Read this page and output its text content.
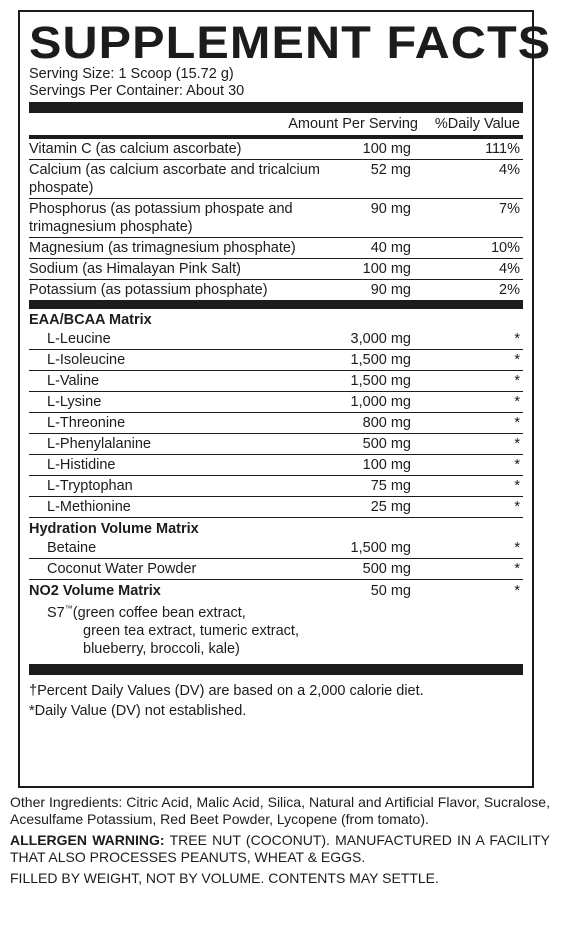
SUPPLEMENT FACTS
Serving Size: 1 Scoop (15.72 g)
Servings Per Container: About 30
Amount Per Serving %Daily Value
Vitamin C (as calcium ascorbate)	100 mg	111%
Calcium (as calcium ascorbate and tricalcium phospate)
52 mg	4%
Phosphorus (as potassium phospate and trimagnesium phosphate)
90 mg	7%
Magnesium (as trimagnesium phosphate)	40 mg	10%
Sodium (as Himalayan Pink Salt)	100 mg	4%
Potassium (as potassium phosphate)	90 mg	2%
EAA/BCAA Matrix
L-Leucine	3,000 mg	*
L-Isoleucine	1,500 mg	*
L-Valine	1,500 mg	*
L-Lysine	1,000 mg	*
L-Threonine	800 mg	*
L-Phenylalanine	500 mg	*
L-Histidine	100 mg	*
L-Tryptophan	75 mg	*
L-Methionine	25 mg	*
Hydration Volume Matrix
Betaine	1,500 mg	*
Coconut Water Powder	500 mg	*
NO2 Volume Matrix	50 mg	*
S7™(green coffee bean extract,
green tea extract, tumeric extract,
blueberry, broccoli, kale)
†Percent Daily Values (DV) are based on a 2,000 calorie diet.
*Daily Value (DV) not established.

Other Ingredients: Citric Acid, Malic Acid, Silica, Natural and Artificial Flavor, Sucralose, Acesulfame Potassium, Red Beet Powder, Lycopene (from tomato).

ALLERGEN WARNING: TREE NUT (COCONUT). MANUFACTURED IN A FACILITY THAT ALSO PROCESSES PEANUTS, WHEAT & EGGS.

FILLED BY WEIGHT, NOT BY VOLUME. CONTENTS MAY SETTLE.
